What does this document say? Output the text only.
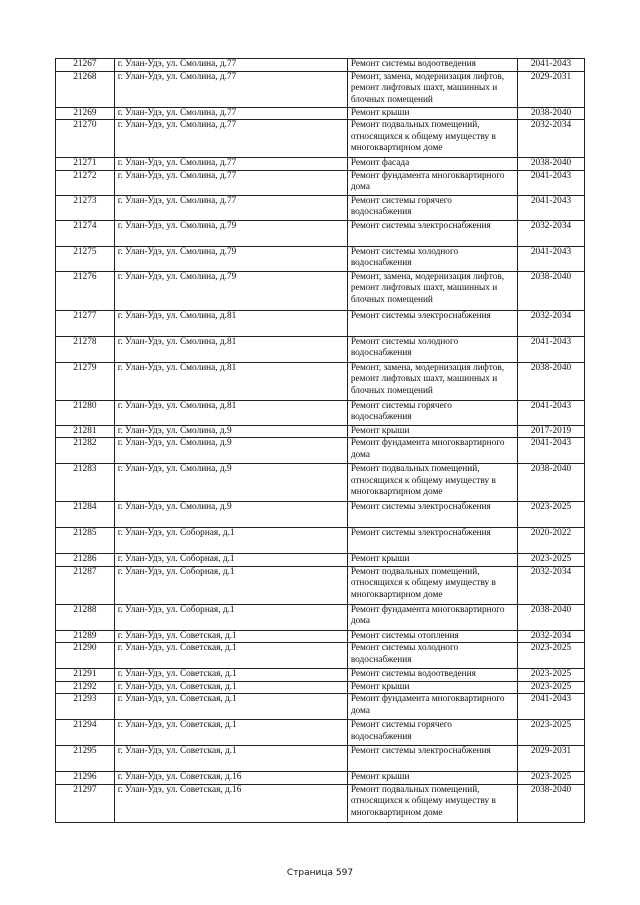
21267	г. Улан-Удэ, ул. Смолина, д.77	Ремонт системы водоотведения	2041-2043
21268	г. Улан-Удэ, ул. Смолина, д.77	Ремонт, замена, модернизация лифтов, ремонт лифтовых шахт, машинных и блочных помещений	2029-2031
21269	г. Улан-Удэ, ул. Смолина, д.77	Ремонт крыши	2038-2040
21270	г. Улан-Удэ, ул. Смолина, д.77	Ремонт подвальных помещений, относящихся к общему имуществу в многоквартирном доме	2032-2034
21271	г. Улан-Удэ, ул. Смолина, д.77	Ремонт фасада	2038-2040
21272	г. Улан-Удэ, ул. Смолина, д.77	Ремонт фундамента многоквартирного дома	2041-2043
21273	г. Улан-Удэ, ул. Смолина, д.77	Ремонт системы горячего водоснабжения	2041-2043
21274	г. Улан-Удэ, ул. Смолина, д.79	Ремонт системы электроснабжения	2032-2034
21275	г. Улан-Удэ, ул. Смолина, д.79	Ремонт системы холодного водоснабжения	2041-2043
21276	г. Улан-Удэ, ул. Смолина, д.79	Ремонт, замена, модернизация лифтов, ремонт лифтовых шахт, машинных и блочных помещений	2038-2040
21277	г. Улан-Удэ, ул. Смолина, д.81	Ремонт системы электроснабжения	2032-2034
21278	г. Улан-Удэ, ул. Смолина, д.81	Ремонт системы холодного водоснабжения	2041-2043
21279	г. Улан-Удэ, ул. Смолина, д.81	Ремонт, замена, модернизация лифтов, ремонт лифтовых шахт, машинных и блочных помещений	2038-2040
21280	г. Улан-Удэ, ул. Смолина, д.81	Ремонт системы горячего водоснабжения	2041-2043
21281	г. Улан-Удэ, ул. Смолина, д.9	Ремонт крыши	2017-2019
21282	г. Улан-Удэ, ул. Смолина, д.9	Ремонт фундамента многоквартирного дома	2041-2043
21283	г. Улан-Удэ, ул. Смолина, д.9	Ремонт подвальных помещений, относящихся к общему имуществу в многоквартирном доме	2038-2040
21284	г. Улан-Удэ, ул. Смолина, д.9	Ремонт системы электроснабжения	2023-2025
21285	г. Улан-Удэ, ул. Соборная, д.1	Ремонт системы электроснабжения	2020-2022
21286	г. Улан-Удэ, ул. Соборная, д.1	Ремонт крыши	2023-2025
21287	г. Улан-Удэ, ул. Соборная, д.1	Ремонт подвальных помещений, относящихся к общему имуществу в многоквартирном доме	2032-2034
21288	г. Улан-Удэ, ул. Соборная, д.1	Ремонт фундамента многоквартирного дома	2038-2040
21289	г. Улан-Удэ, ул. Советская, д.1	Ремонт системы отопления	2032-2034
21290	г. Улан-Удэ, ул. Советская, д.1	Ремонт системы холодного водоснабжения	2023-2025
21291	г. Улан-Удэ, ул. Советская, д.1	Ремонт системы водоотведения	2023-2025
21292	г. Улан-Удэ, ул. Советская, д.1	Ремонт крыши	2023-2025
21293	г. Улан-Удэ, ул. Советская, д.1	Ремонт фундамента многоквартирного дома	2041-2043
21294	г. Улан-Удэ, ул. Советская, д.1	Ремонт системы горячего водоснабжения	2023-2025
21295	г. Улан-Удэ, ул. Советская, д.1	Ремонт системы электроснабжения	2029-2031
21296	г. Улан-Удэ, ул. Советская, д.16	Ремонт крыши	2023-2025
21297	г. Улан-Удэ, ул. Советская, д.16	Ремонт подвальных помещений, относящихся к общему имуществу в многоквартирном доме	2038-2040
Страница 597
